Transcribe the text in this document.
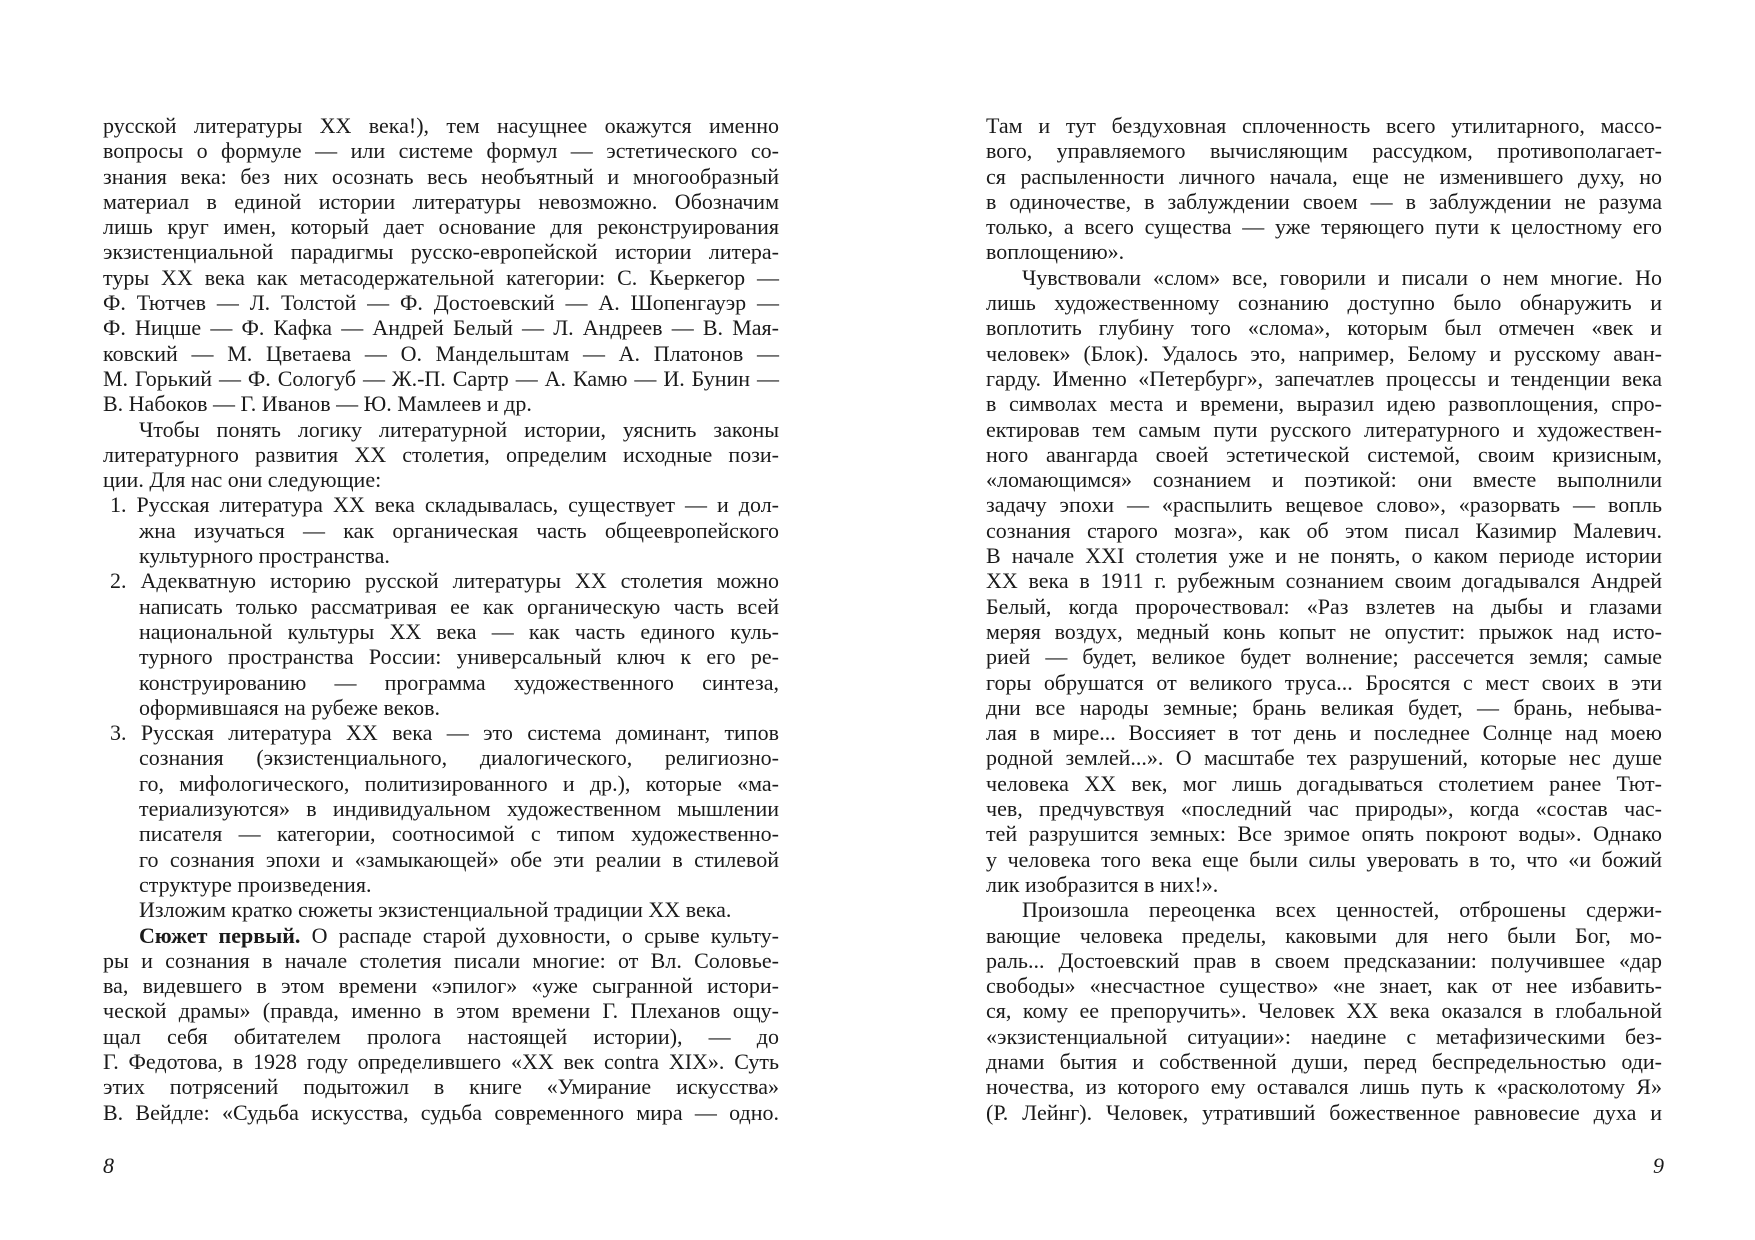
русской литературы XX века!), тем насущнее окажутся именно
вопросы о формуле — или системе формул — эстетического со-
знания века: без них осознать весь необъятный и многообразный
материал в единой истории литературы невозможно. Обозначим
лишь круг имен, который дает основание для реконструирования
экзистенциальной парадигмы русско-европейской истории литера-
туры XX века как метасодержательной категории: С. Кьеркегор —
Ф. Тютчев — Л. Толстой — Ф. Достоевский — А. Шопенгауэр —
Ф. Ницше — Ф. Кафка — Андрей Белый — Л. Андреев — В. Мая-
ковский — М. Цветаева — О. Мандельштам — А. Платонов —
М. Горький — Ф. Сологуб — Ж.-П. Сартр — А. Камю — И. Бунин —
В. Набоков — Г. Иванов — Ю. Мамлеев и др.
Чтобы понять логику литературной истории, уяснить законы
литературного развития XX столетия, определим исходные пози-
ции. Для нас они следующие:
1. Русская литература XX века складывалась, существует — и дол-
жна изучаться — как органическая часть общеевропейского
культурного пространства.
2. Адекватную историю русской литературы XX столетия можно
написать только рассматривая ее как органическую часть всей
национальной культуры XX века — как часть единого куль-
турного пространства России: универсальный ключ к его ре-
конструированию — программа художественного синтеза,
оформившаяся на рубеже веков.
3. Русская литература XX века — это система доминант, типов
сознания (экзистенциального, диалогического, религиозно-
го, мифологического, политизированного и др.), которые «ма-
териализуются» в индивидуальном художественном мышлении
писателя — категории, соотносимой с типом художественно-
го сознания эпохи и «замыкающей» обе эти реалии в стилевой
структуре произведения.
Изложим кратко сюжеты экзистенциальной традиции XX века.
Сюжет первый. О распаде старой духовности, о срыве культу-
ры и сознания в начале столетия писали многие: от Вл. Соловье-
ва, видевшего в этом времени «эпилог» «уже сыгранной истори-
ческой драмы» (правда, именно в этом времени Г. Плеханов ощу-
щал себя обитателем пролога настоящей истории), — до
Г. Федотова, в 1928 году определившего «XX век contra XIX». Суть
этих потрясений подытожил в книге «Умирание искусства»
В. Вейдле: «Судьба искусства, судьба современного мира — одно.
Там и тут бездуховная сплоченность всего утилитарного, массо-
вого, управляемого вычисляющим рассудком, противополагает-
ся распыленности личного начала, еще не изменившего духу, но
в одиночестве, в заблуждении своем — в заблуждении не разума
только, а всего существа — уже теряющего пути к целостному его
воплощению».
Чувствовали «слом» все, говорили и писали о нем многие. Но
лишь художественному сознанию доступно было обнаружить и
воплотить глубину того «слома», которым был отмечен «век и
человек» (Блок). Удалось это, например, Белому и русскому аван-
гарду. Именно «Петербург», запечатлев процессы и тенденции века
в символах места и времени, выразил идею развоплощения, спро-
ектировав тем самым пути русского литературного и художествен-
ного авангарда своей эстетической системой, своим кризисным,
«ломающимся» сознанием и поэтикой: они вместе выполнили
задачу эпохи — «распылить вещевое слово», «разорвать — вопль
сознания старого мозга», как об этом писал Казимир Малевич.
В начале XXI столетия уже и не понять, о каком периоде истории
XX века в 1911 г. рубежным сознанием своим догадывался Андрей
Белый, когда пророчествовал: «Раз взлетев на дыбы и глазами
меряя воздух, медный конь копыт не опустит: прыжок над исто-
рией — будет, великое будет волнение; рассечется земля; самые
горы обрушатся от великого труса... Бросятся с мест своих в эти
дни все народы земные; брань великая будет, — брань, небыва-
лая в мире... Воссияет в тот день и последнее Солнце над моею
родной землей...». О масштабе тех разрушений, которые нес душе
человека XX век, мог лишь догадываться столетием ранее Тют-
чев, предчувствуя «последний час природы», когда «состав час-
тей разрушится земных: Все зримое опять покроют воды». Однако
у человека того века еще были силы уверовать в то, что «и божий
лик изобразится в них!».
Произошла переоценка всех ценностей, отброшены сдержи-
вающие человека пределы, каковыми для него были Бог, мо-
раль... Достоевский прав в своем предсказании: получившее «дар
свободы» «несчастное существо» «не знает, как от нее избавить-
ся, кому ее препоручить». Человек XX века оказался в глобальной
«экзистенциальной ситуации»: наедине с метафизическими без-
днами бытия и собственной души, перед беспредельностью оди-
ночества, из которого ему оставался лишь путь к «расколотому Я»
(Р. Лейнг). Человек, утративший божественное равновесие духа и
8	9
